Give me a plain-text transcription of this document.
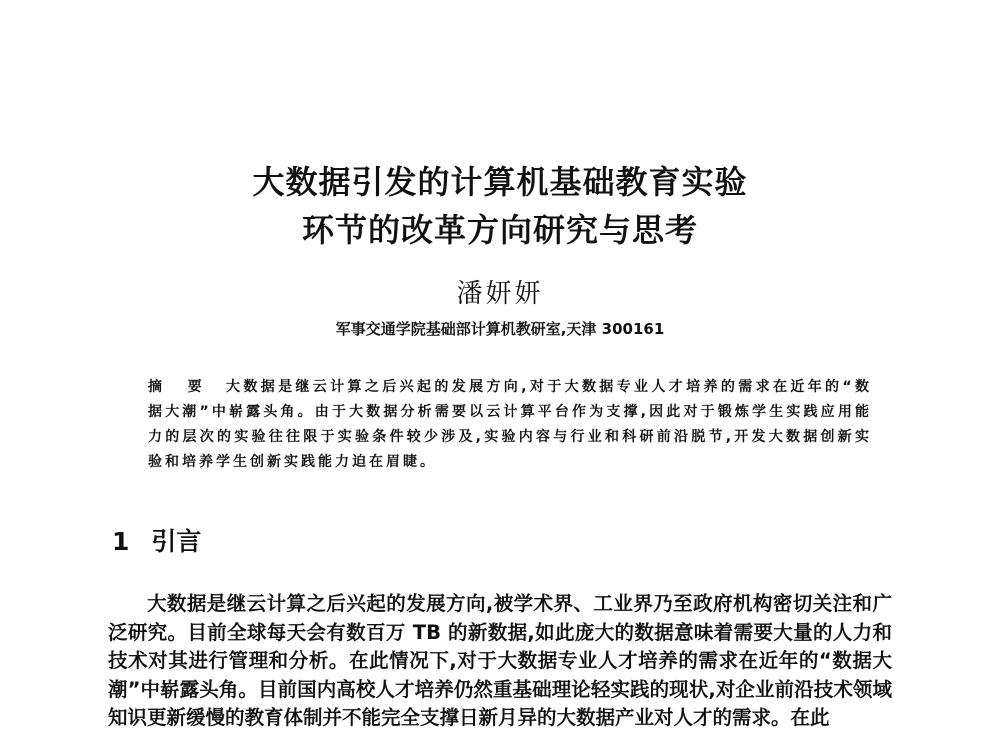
大数据引发的计算机基础教育实验
环节的改革方向研究与思考
潘妍妍
军事交通学院基础部计算机教研室,天津 300161
摘 要 大数据是继云计算之后兴起的发展方向,对于大数据专业人才培养的需求在近年的“数据大潮”中崭露头角。由于大数据分析需要以云计算平台作为支撑,因此对于锻炼学生实践应用能力的层次的实验往往限于实验条件较少涉及,实验内容与行业和科研前沿脱节,开发大数据创新实验和培养学生创新实践能力迫在眉睫。
1 引言

大数据是继云计算之后兴起的发展方向,被学术界、工业界乃至政府机构密切关注和广泛研究。目前全球每天会有数百万 TB 的新数据,如此庞大的数据意味着需要大量的人力和技术对其进行管理和分析。在此情况下,对于大数据专业人才培养的需求在近年的“数据大潮”中崭露头角。目前国内高校人才培养仍然重基础理论轻实践的现状,对企业前沿技术领域知识更新缓慢的教育体制并不能完全支撑日新月异的大数据产业对人才的需求。在此
